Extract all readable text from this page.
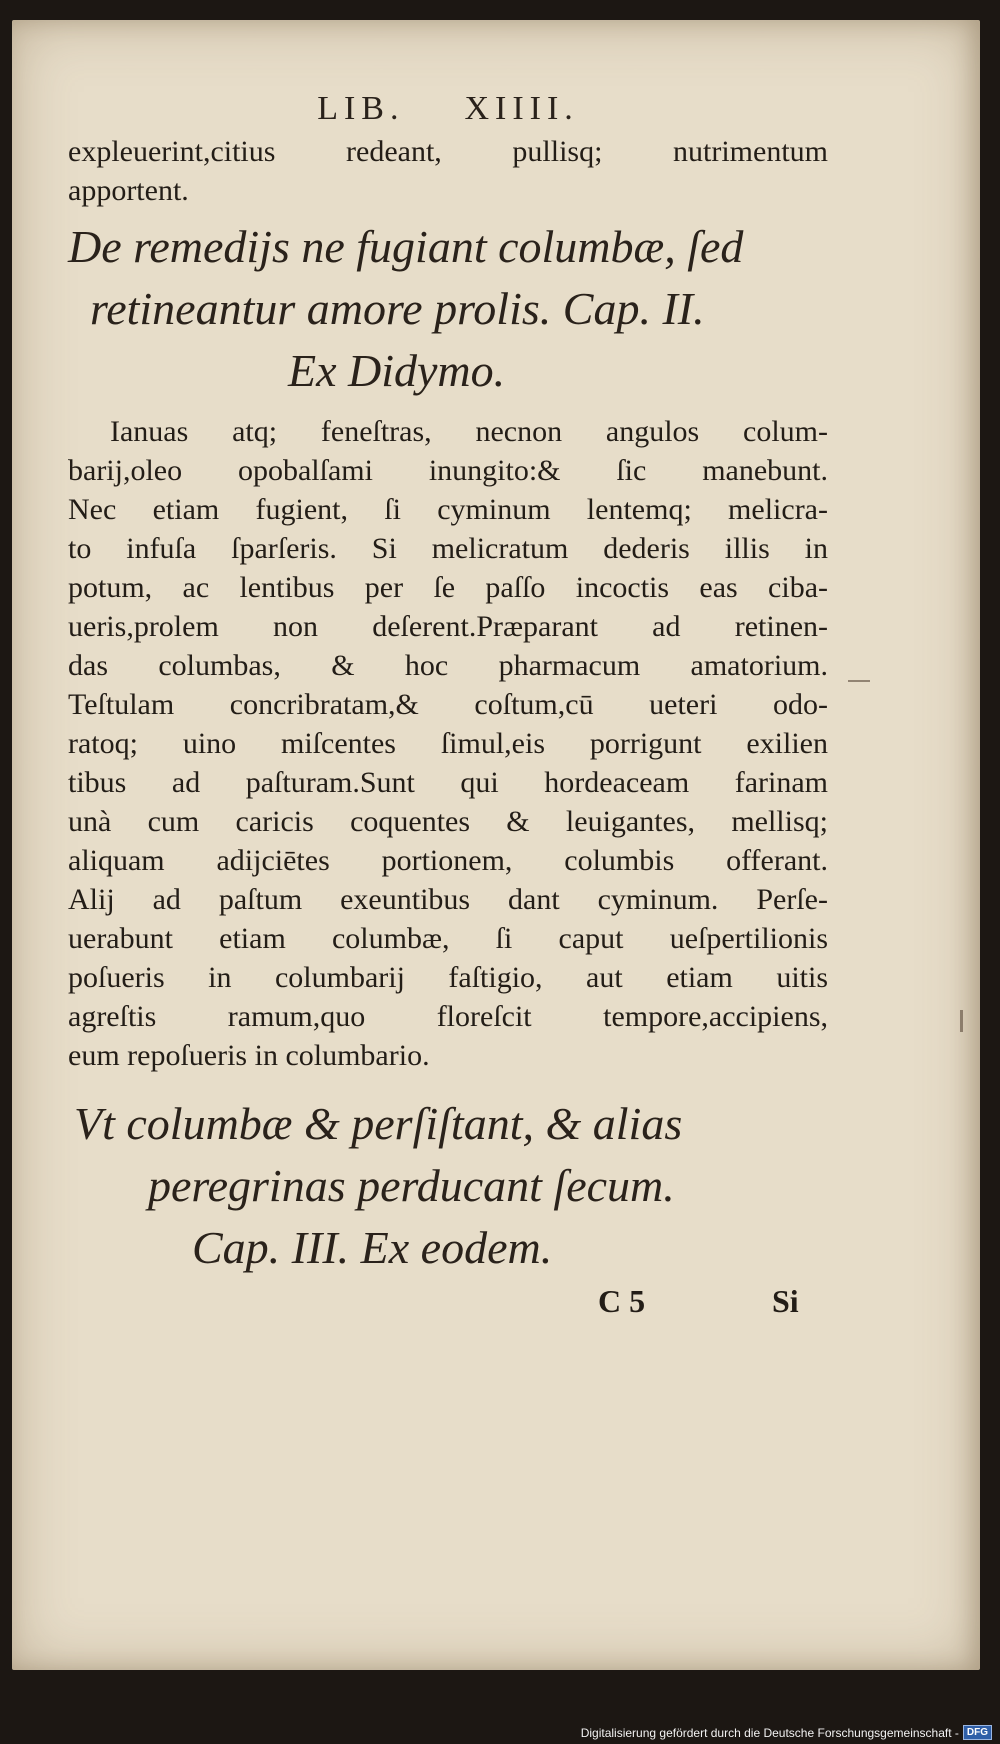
LIB. XIIII.

expleuerint,citius redeant, pullisq; nutrimentum

apportent.

De remedijs ne fugiant columbæ, ſed

retineantur amore prolis. Cap. II.

Ex Didymo.

Ianuas atq; feneſtras, necnon angulos colum-

barij,oleo opobalſami inungito:& ſic manebunt.

Nec etiam fugient, ſi cyminum lentemq; melicra-

to infuſa ſparſeris. Si melicratum dederis illis in

potum, ac lentibus per ſe paſſo incoctis eas ciba-

ueris,prolem non deſerent.Præparant ad retinen-

das columbas, & hoc pharmacum amatorium.

Teſtulam concribratam,& coſtum,cū ueteri odo-

ratoq; uino miſcentes ſimul,eis porrigunt exilien

tibus ad paſturam.Sunt qui hordeaceam farinam

unà cum caricis coquentes & leuigantes, mellisq;

aliquam adijciētes portionem, columbis offerant.

Alij ad paſtum exeuntibus dant cyminum. Perſe-

uerabunt etiam columbæ, ſi caput ueſpertilionis

poſueris in columbarij faſtigio, aut etiam uitis

agreſtis ramum,quo floreſcit tempore,accipiens,

eum repoſueris in columbario.

Vt columbæ & perſiſtant, & alias

peregrinas perducant ſecum.

Cap. III. Ex eodem.

C 5	Si
Digitalisierung gefördert durch die Deutsche Forschungsgemeinschaft - DFG
